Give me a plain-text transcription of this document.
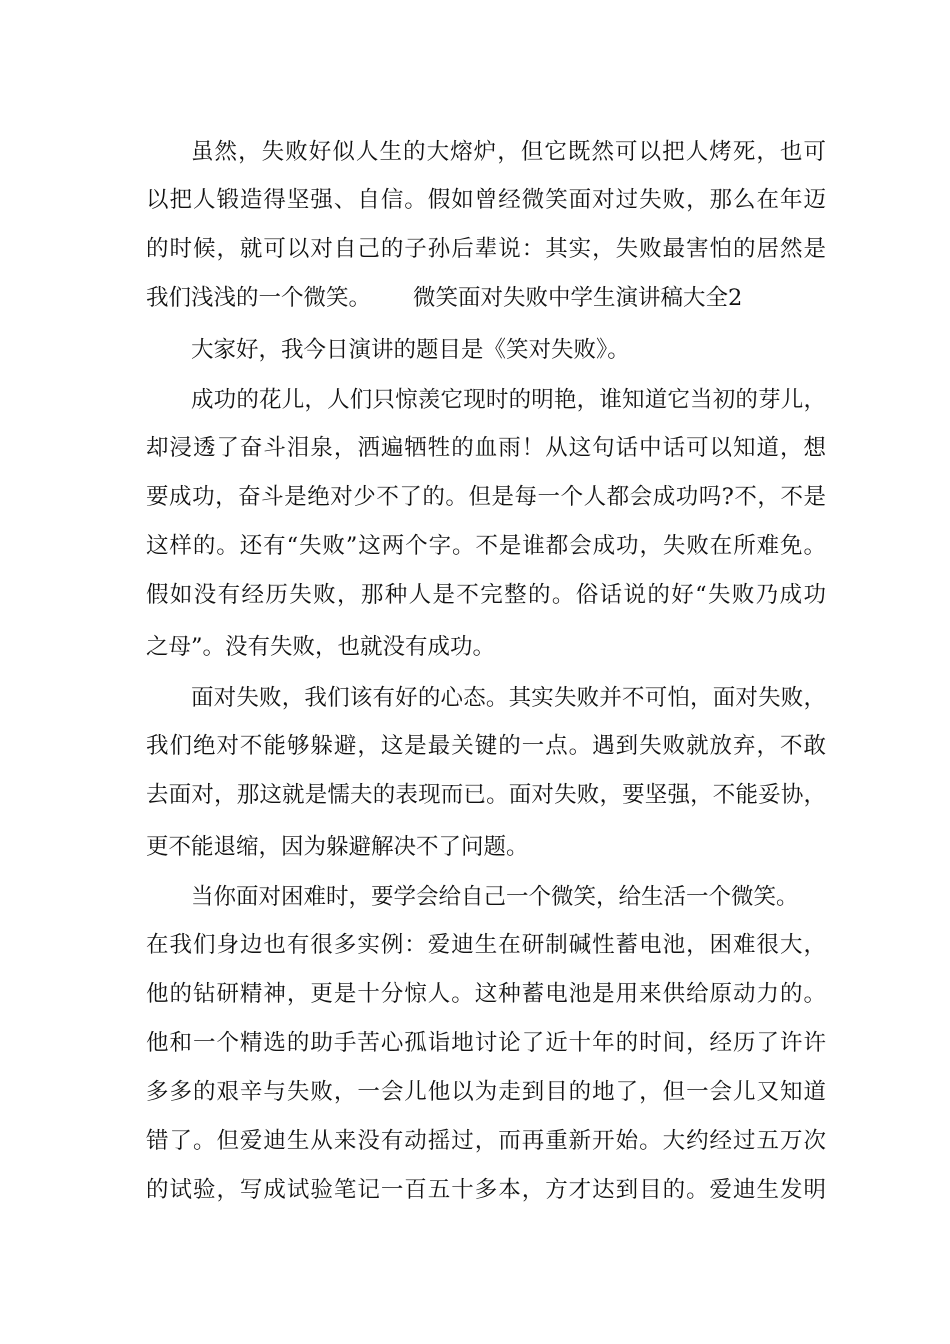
虽然，失败好似人生的大熔炉，但它既然可以把人烤死，也可
以把人锻造得坚强、自信。假如曾经微笑面对过失败，那么在年迈
的时候，就可以对自己的子孙后辈说：其实，失败最害怕的居然是
我们浅浅的一个微笑。	微笑面对失败中学生演讲稿大全2
大家好，我今日演讲的题目是《笑对失败》。
成功的花儿，人们只惊羡它现时的明艳，谁知道它当初的芽儿，
却浸透了奋斗泪泉，洒遍牺牲的血雨！从这句话中话可以知道，想
要成功，奋斗是绝对少不了的。但是每一个人都会成功吗?不，不是
这样的。还有“失败”这两个字。不是谁都会成功，失败在所难免。
假如没有经历失败，那种人是不完整的。俗话说的好“失败乃成功
之母”。没有失败，也就没有成功。
面对失败，我们该有好的心态。其实失败并不可怕，面对失败，
我们绝对不能够躲避，这是最关键的一点。遇到失败就放弃，不敢
去面对，那这就是懦夫的表现而已。面对失败，要坚强，不能妥协，
更不能退缩，因为躲避解决不了问题。
当你面对困难时，要学会给自己一个微笑，给生活一个微笑。
在我们身边也有很多实例：爱迪生在研制碱性蓄电池，困难很大，
他的钻研精神，更是十分惊人。这种蓄电池是用来供给原动力的。
他和一个精选的助手苦心孤诣地讨论了近十年的时间，经历了许许
多多的艰辛与失败，一会儿他以为走到目的地了，但一会儿又知道
错了。但爱迪生从来没有动摇过，而再重新开始。大约经过五万次
的试验，写成试验笔记一百五十多本，方才达到目的。爱迪生发明
